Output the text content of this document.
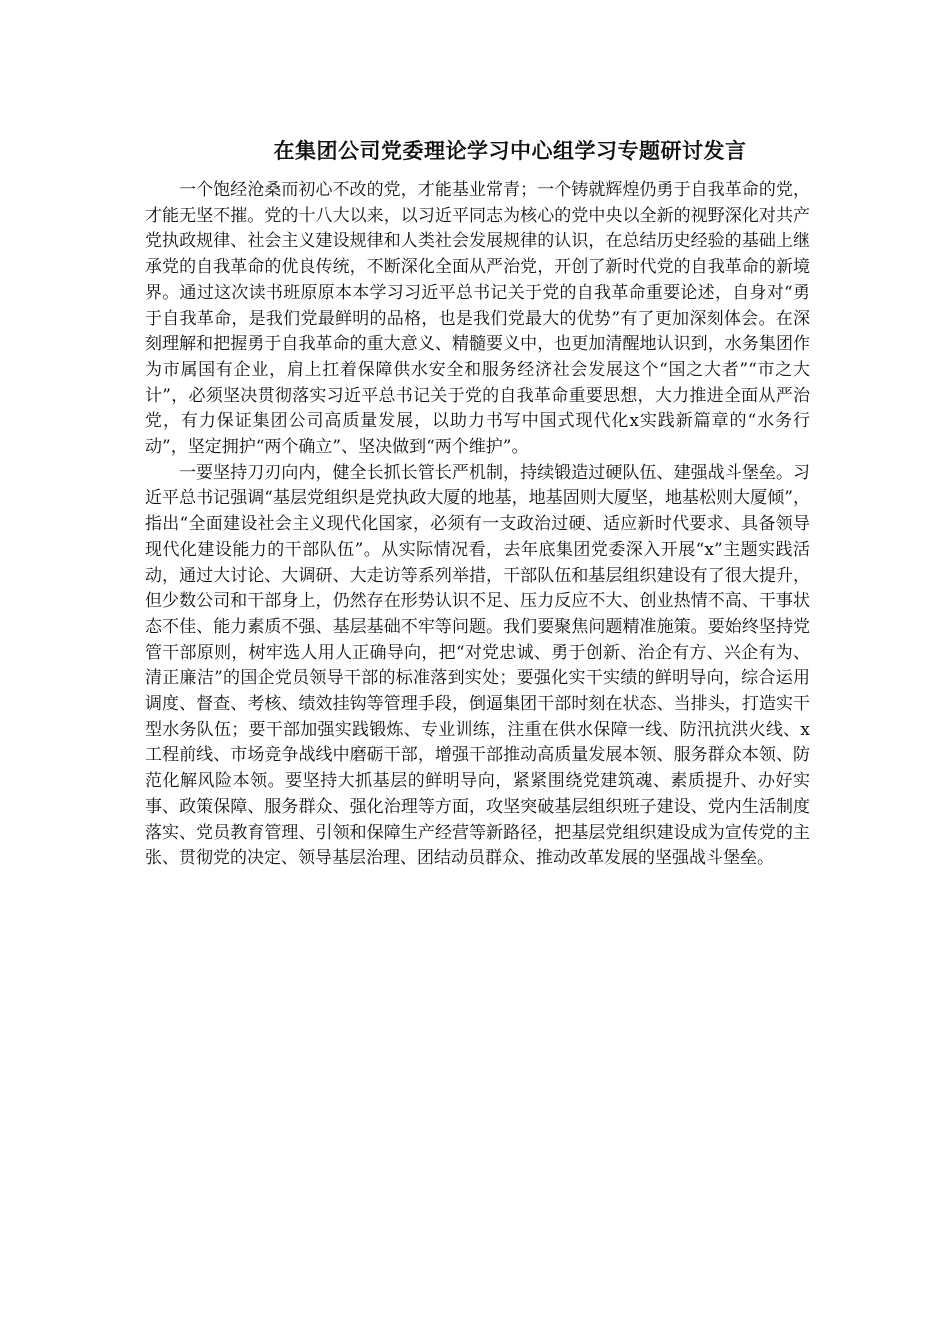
在集团公司党委理论学习中心组学习专题研讨发言

一个饱经沧桑而初心不改的党，才能基业常青；一个铸就辉煌仍勇于自我革命的党，才能无坚不摧。党的十八大以来，以习近平同志为核心的党中央以全新的视野深化对共产党执政规律、社会主义建设规律和人类社会发展规律的认识，在总结历史经验的基础上继承党的自我革命的优良传统，不断深化全面从严治党，开创了新时代党的自我革命的新境界。通过这次读书班原原本本学习习近平总书记关于党的自我革命重要论述，自身对“勇于自我革命，是我们党最鲜明的品格，也是我们党最大的优势”有了更加深刻体会。在深刻理解和把握勇于自我革命的重大意义、精髓要义中，也更加清醒地认识到，水务集团作为市属国有企业，肩上扛着保障供水安全和服务经济社会发展这个“国之大者”“市之大计”，必须坚决贯彻落实习近平总书记关于党的自我革命重要思想，大力推进全面从严治党，有力保证集团公司高质量发展，以助力书写中国式现代化x实践新篇章的“水务行动”，坚定拥护“两个确立”、坚决做到“两个维护”。

一要坚持刀刃向内，健全长抓长管长严机制，持续锻造过硬队伍、建强战斗堡垒。习近平总书记强调“基层党组织是党执政大厦的地基，地基固则大厦坚，地基松则大厦倾”，指出“全面建设社会主义现代化国家，必须有一支政治过硬、适应新时代要求、具备领导现代化建设能力的干部队伍”。从实际情况看，去年底集团党委深入开展“x”主题实践活动，通过大讨论、大调研、大走访等系列举措，干部队伍和基层组织建设有了很大提升，但少数公司和干部身上，仍然存在形势认识不足、压力反应不大、创业热情不高、干事状态不佳、能力素质不强、基层基础不牢等问题。我们要聚焦问题精准施策。要始终坚持党管干部原则，树牢选人用人正确导向，把“对党忠诚、勇于创新、治企有方、兴企有为、清正廉洁”的国企党员领导干部的标准落到实处；要强化实干实绩的鲜明导向，综合运用调度、督查、考核、绩效挂钩等管理手段，倒逼集团干部时刻在状态、当排头，打造实干型水务队伍；要干部加强实践锻炼、专业训练，注重在供水保障一线、防汛抗洪火线、x工程前线、市场竞争战线中磨砺干部，增强干部推动高质量发展本领、服务群众本领、防范化解风险本领。要坚持大抓基层的鲜明导向，紧紧围绕党建筑魂、素质提升、办好实事、政策保障、服务群众、强化治理等方面，攻坚突破基层组织班子建设、党内生活制度落实、党员教育管理、引领和保障生产经营等新路径，把基层党组织建设成为宣传党的主张、贯彻党的决定、领导基层治理、团结动员群众、推动改革发展的坚强战斗堡垒。
